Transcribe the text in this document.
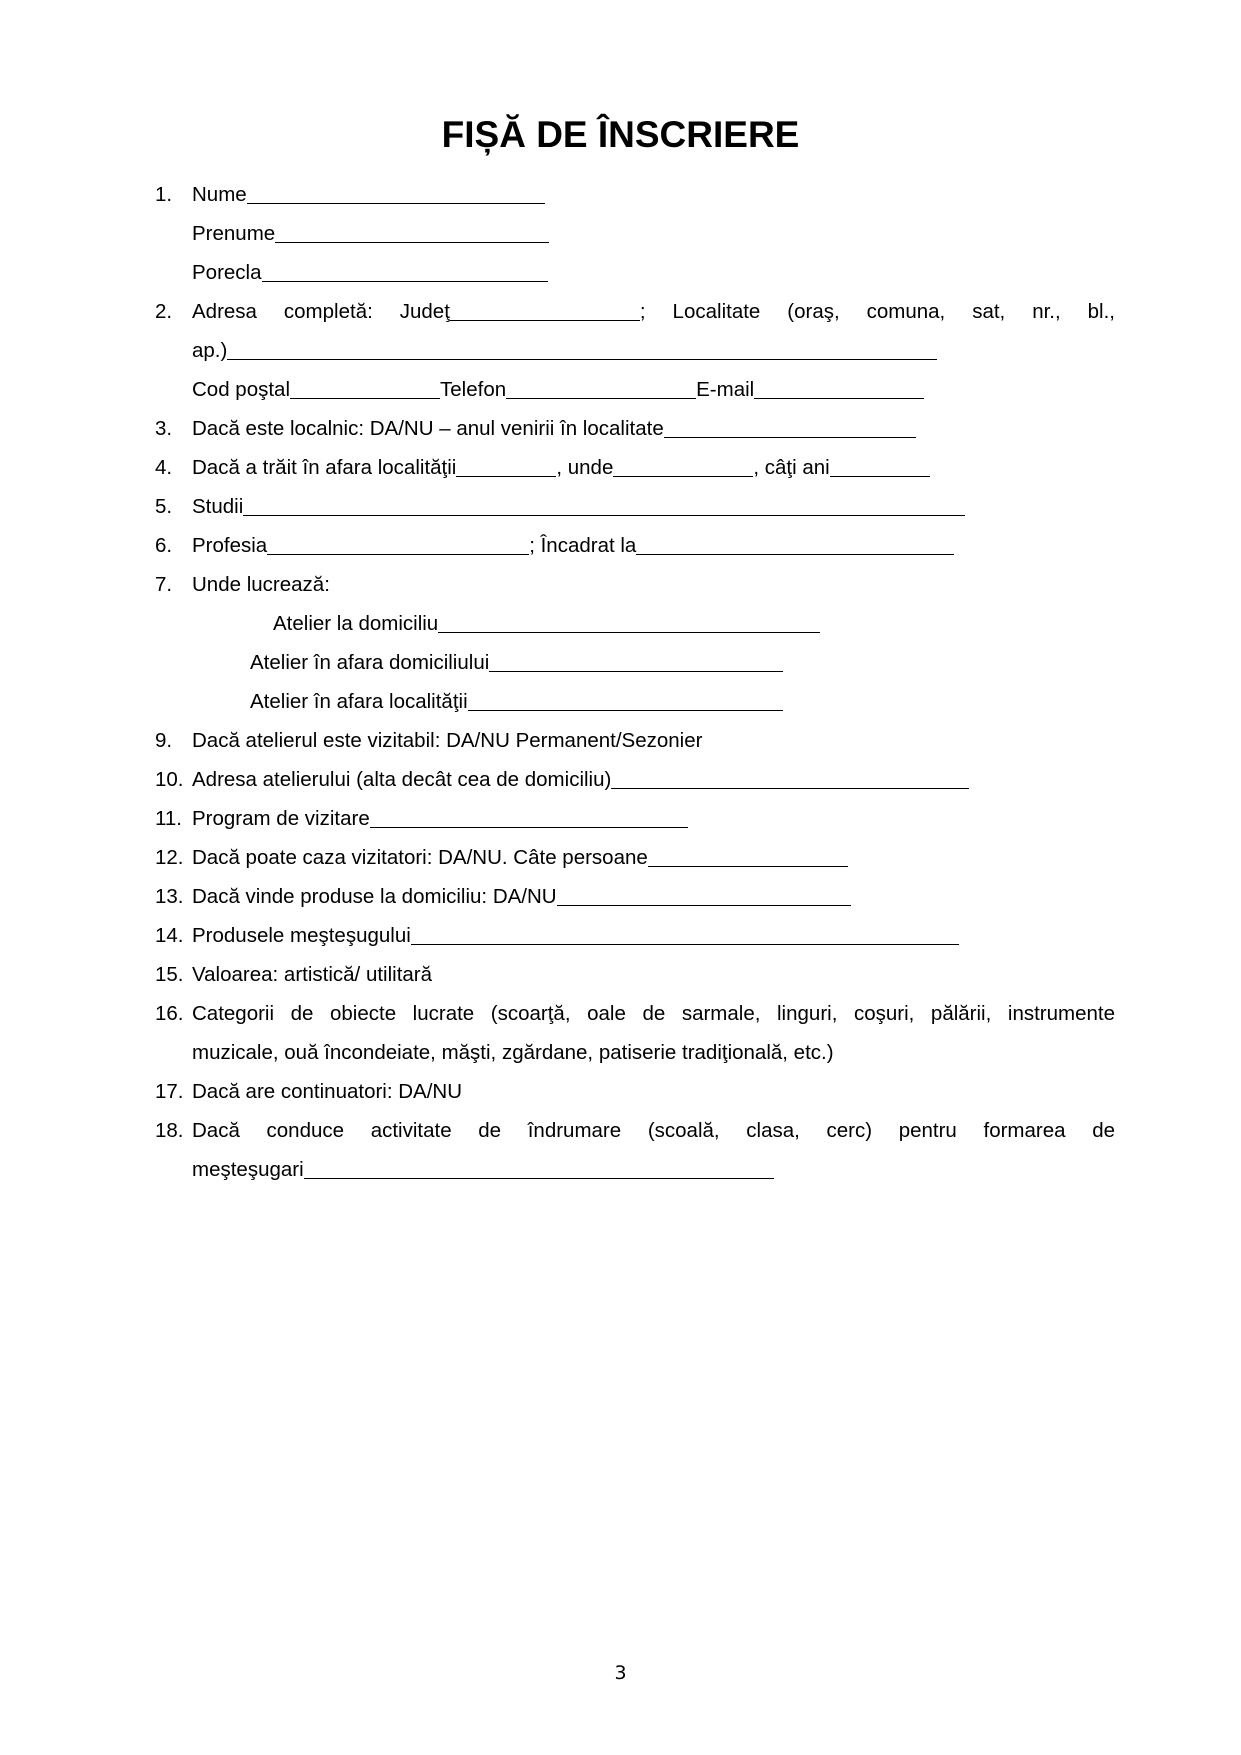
FIȘĂ DE ÎNSCRIERE
1. Nume
Prenume
Porecla
2. Adresa completă: Judeţ	; Localitate (oraş, comuna, sat, nr., bl.,
ap.)
Cod poştal	Telefon	E-mail
3. Dacă este localnic: DA/NU – anul venirii în localitate
4. Dacă a trăit în afara localităţii	, unde	, câţi ani
5. Studii
6. Profesia	; Încadrat la
7. Unde lucrează:
Atelier la domiciliu
Atelier în afara domiciliului
Atelier în afara localităţii
9. Dacă atelierul este vizitabil: DA/NU Permanent/Sezonier
10. Adresa atelierului (alta decât cea de domiciliu)
11. Program de vizitare
12. Dacă poate caza vizitatori: DA/NU. Câte persoane
13. Dacă vinde produse la domiciliu: DA/NU
14. Produsele meşteşugului
15. Valoarea: artistică/ utilitară
16. Categorii de obiecte lucrate (scoarţă, oale de sarmale, linguri, coşuri, pălării, instrumente
muzicale, ouă încondeiate, măşti, zgărdane, patiserie tradiţională, etc.)
17. Dacă are continuatori: DA/NU
18. Dacă conduce activitate de îndrumare (scoală, clasa, cerc) pentru formarea de
meşteşugari
3
